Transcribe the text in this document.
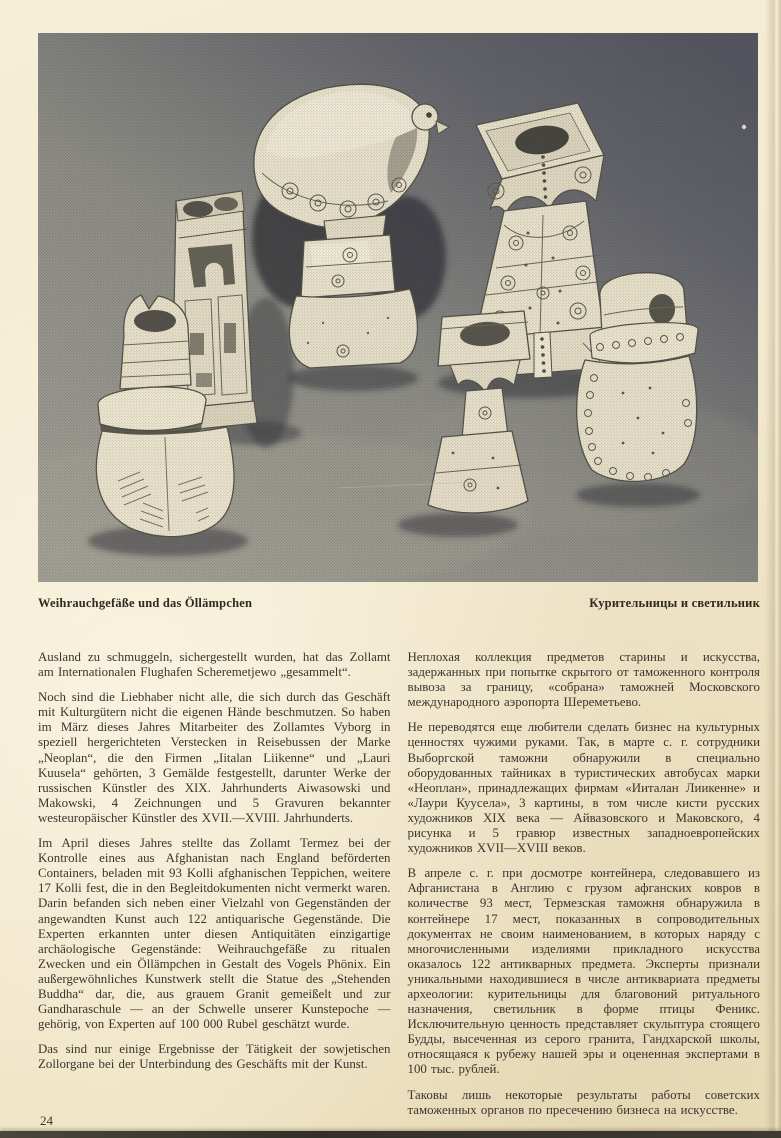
Weihrauchgefäße und das Öllämpchen	Курительницы и светильник

Ausland zu schmuggeln, sichergestellt wurden, hat das Zollamt am Internationalen Flughafen Scheremetjewo „gesammelt“.

Noch sind die Liebhaber nicht alle, die sich durch das Geschäft mit Kulturgütern nicht die eigenen Hände beschmutzen. So haben im März dieses Jahres Mitarbeiter des Zollamtes Vyborg in speziell hergerichteten Verstecken in Reisebussen der Marke „Neoplan“, die den Firmen „Iitalan Liikenne“ und „Lauri Kuusela“ gehörten, 3 Gemälde festgestellt, darunter Werke der russischen Künstler des XIX. Jahrhunderts Aiwasowski und Makowski, 4 Zeichnungen und 5 Gravuren bekannter westeuropäischer Künstler des XVII.—XVIII. Jahrhunderts.

Im April dieses Jahres stellte das Zollamt Termez bei der Kontrolle eines aus Afghanistan nach England beförderten Containers, beladen mit 93 Kolli afghanischen Teppichen, weitere 17 Kolli fest, die in den Begleitdokumenten nicht vermerkt waren. Darin befanden sich neben einer Vielzahl von Gegenständen der angewandten Kunst auch 122 antiquarische Gegenstände. Die Experten erkannten unter diesen Antiquitäten einzigartige archäologische Gegenstände: Weihrauchgefäße zu ritualen Zwecken und ein Öllämpchen in Gestalt des Vogels Phönix. Ein außergewöhnliches Kunstwerk stellt die Statue des „Stehenden Buddha“ dar, die, aus grauem Granit gemeißelt und zur Gandharaschule — an der Schwelle unserer Kunstepoche — gehörig, von Experten auf 100 000 Rubel geschätzt wurde.

Das sind nur einige Ergebnisse der Tätigkeit der sowjetischen Zollorgane bei der Unterbindung des Geschäfts mit der Kunst.

Неплохая коллекция предметов старины и искусства, задержанных при попытке скрытого от таможенного контроля вывоза за границу, «собрана» таможней Московского международного аэропорта Шереметьево.

Не переводятся еще любители сделать бизнес на культурных ценностях чужими руками. Так, в марте с. г. сотрудники Выборгской таможни обнаружили в специально оборудованных тайниках в туристических автобусах марки «Неоплан», принадлежащих фирмам «Ииталан Лиикенне» и «Лаури Куусела», 3 картины, в том числе кисти русских художников XIX века — Айвазовского и Маковского, 4 рисунка и 5 гравюр известных западноевропейских художников XVII—XVIII веков.

В апреле с. г. при досмотре контейнера, следовавшего из Афганистана в Англию с грузом афганских ковров в количестве 93 мест, Термезская таможня обнаружила в контейнере 17 мест, показанных в сопроводительных документах не своим наименованием, в которых наряду с многочисленными изделиями прикладного искусства оказалось 122 антикварных предмета. Эксперты признали уникальными находившиеся в числе антиквариата предметы археологии: курительницы для благовоний ритуального назначения, светильник в форме птицы Феникс. Исключительную ценность представляет скульптура стоящего Будды, высеченная из серого гранита, Гандхарской школы, относящаяся к рубежу нашей эры и оцененная экспертами в 100 тыс. рублей.

Таковы лишь некоторые результаты работы советских таможенных органов по пресечению бизнеса на искусстве.

24
